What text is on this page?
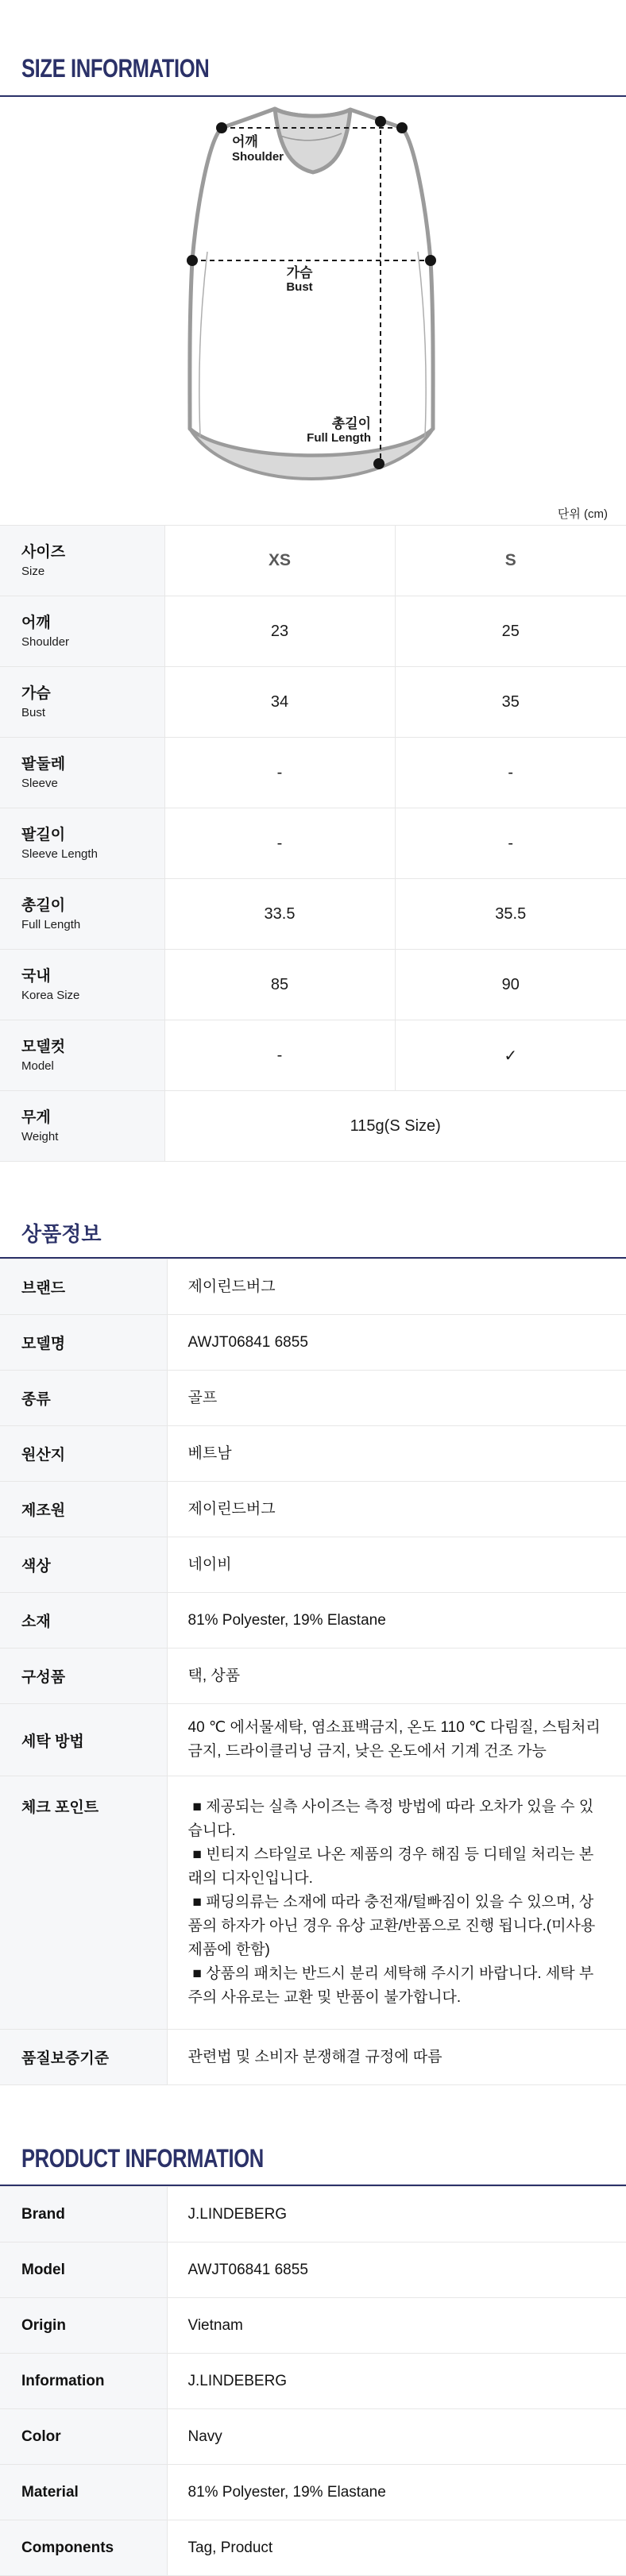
SIZE INFORMATION
어깨
Shoulder
가슴
Bust
총길이
Full Length
단위 (cm)
사이즈
Size	XS	S

어깨
Shoulder	23	25

가슴
Bust	34	35

팔둘레
Sleeve	-	-

팔길이
Sleeve Length	-	-

총길이
Full Length	33.5	35.5

국내
Korea Size	85	90

모델컷
Model	-	✓

무게
Weight	115g(S Size)	
상품정보
브랜드	제이린드버그
모델명	AWJT06841 6855
종류	골프
원산지	베트남
제조원	제이린드버그
색상	네이비
소재	81% Polyester, 19% Elastane
구성품	택, 상품
세탁 방법	40 ℃ 에서물세탁, 염소표백금지, 온도 110 ℃ 다림질, 스팀처리 금지, 드라이클리닝 금지, 낮은 온도에서 기계 건조 가능
체크 포인트	■ 제공되는 실측 사이즈는 측정 방법에 따라 오차가 있을 수 있습니다.

■ 빈티지 스타일로 나온 제품의 경우 해짐 등 디테일 처리는 본래의 디자인입니다.

■ 패딩의류는 소재에 따라 충전재/털빠짐이 있을 수 있으며, 상품의 하자가 아닌 경우 유상 교환/반품으로 진행 됩니다.(미사용 제품에 한함)

■ 상품의 패치는 반드시 분리 세탁해 주시기 바랍니다. 세탁 부주의 사유로는 교환 및 반품이 불가합니다.

품질보증기준	관련법 및 소비자 분쟁해결 규정에 따름
PRODUCT INFORMATION
Brand	J.LINDEBERG
Model	AWJT06841 6855
Origin	Vietnam
Information	J.LINDEBERG
Color	Navy
Material	81% Polyester, 19% Elastane
Components	Tag, Product
